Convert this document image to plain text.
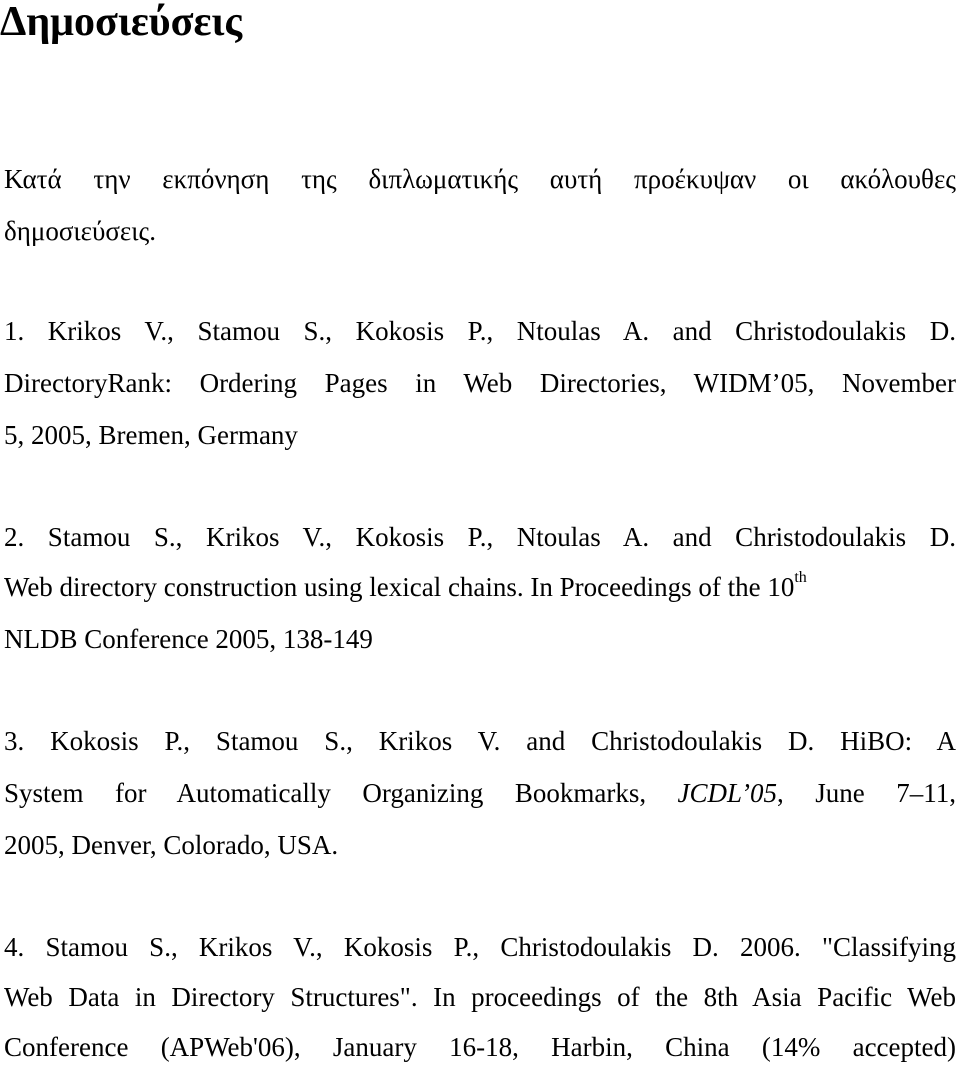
Δημοσιεύσεις

Κατά την εκπόνηση της διπλωματικής αυτή προέκυψαν οι ακόλουθες

δημοσιεύσεις.

1. Krikos V., Stamou S., Kokosis P., Ntoulas A. and Christodoulakis D.

DirectoryRank: Ordering Pages in Web Directories, WIDM’05, November

5, 2005, Bremen, Germany

2. Stamou S., Krikos V., Kokosis P., Ntoulas A. and Christodoulakis D.

Web directory construction using lexical chains. In Proceedings of the 10th

NLDB Conference 2005, 138-149

3. Kokosis P., Stamou S., Krikos V. and Christodoulakis D. HiBO: A

System for Automatically Organizing Bookmarks, JCDL’05, June 7–11,

2005, Denver, Colorado, USA.

4. Stamou S., Krikos V., Kokosis P., Christodoulakis D. 2006. "Classifying

Web Data in Directory Structures". In proceedings of the 8th Asia Pacific Web

Conference (APWeb'06), January 16-18, Harbin, China (14% accepted)
